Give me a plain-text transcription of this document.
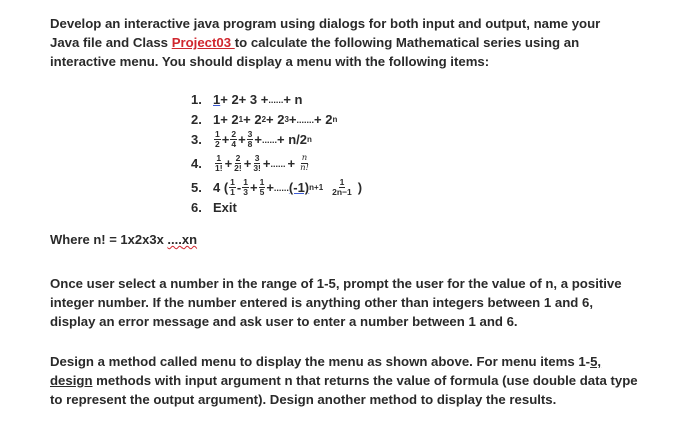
Develop an interactive java program using dialogs for both input and output, name your
Java file and Class Project03 to calculate the following Mathematical series using an
interactive menu. You should display a menu with the following items:
1. 1 + 2 + 3 + ...... + n
2. 1+ 2 1 + 2 2 + 2 3 + ....... + 2 n
3.	$\frac{1}{2} + \frac{2}{4} + \frac{3}{8}$ + ...... + n/2 n
4.	$\frac{1}{1!} + \frac{2}{2!} + \frac{3}{3!}$ + ...... + $\frac{n}{n!}$
5. 4 ( $\frac{1}{1} - \frac{1}{3} + \frac{1}{5}$ + ...... (-1) $n+1 \frac{1}{2n-1}$ )
6. Exit
Where n! = 1x2x3x ....xn
Once user select a number in the range of 1-5, prompt the user for the value of n, a positive integer number. If the number entered is anything other than integers between 1 and 6, display an error message and ask user to enter a number between 1 and 6.
Design a method called menu to display the menu as shown above. For menu items 1-5, design methods with input argument n that returns the value of formula (use double data type to represent the output argument). Design another method to display the results.
